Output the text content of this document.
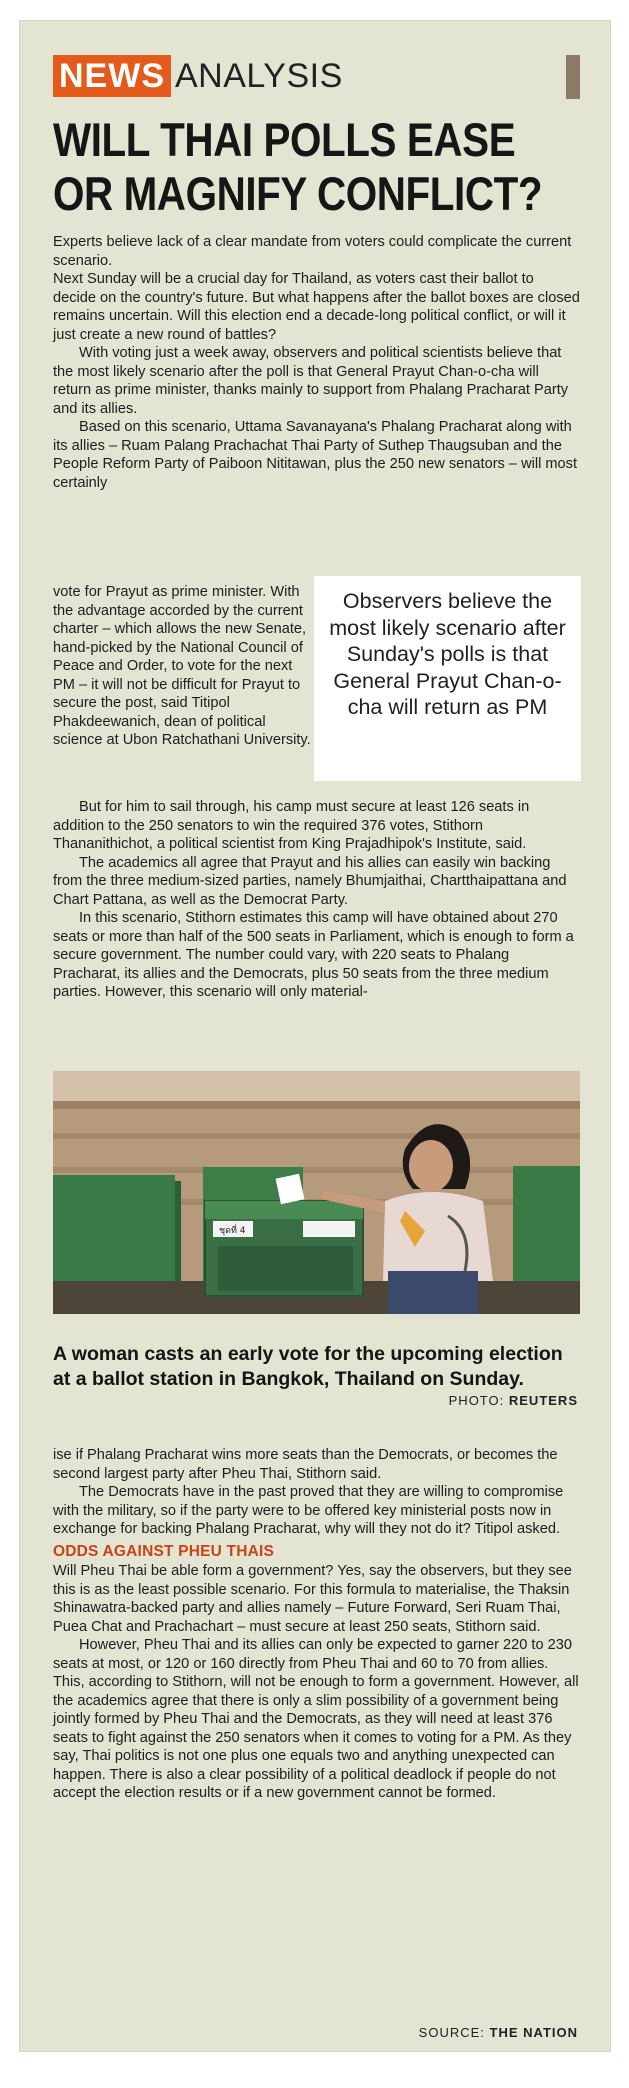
NEWS ANALYSIS
WILL THAI POLLS EASE
OR MAGNIFY CONFLICT?

Experts believe lack of a clear mandate from voters could complicate the current scenario.

Next Sunday will be a crucial day for Thailand, as voters cast their ballot to decide on the country's future. But what happens after the ballot boxes are closed remains uncertain. Will this election end a decade-long political conflict, or will it just create a new round of battles?

With voting just a week away, observers and political scientists believe that the most likely scenario after the poll is that General Prayut Chan-o-cha will return as prime minister, thanks mainly to support from Phalang Pracharat Party and its allies.

Based on this scenario, Uttama Savanayana's Phalang Pracharat along with its allies – Ruam Palang Prachachat Thai Party of Suthep Thaugsuban and the People Reform Party of Paiboon Nititawan, plus the 250 new senators – will most certainly

vote for Prayut as prime minister. With the advantage accorded by the current charter – which allows the new Senate, hand-picked by the National Council of Peace and Order, to vote for the next PM – it will not be difficult for Prayut to secure the post, said Titipol Phakdeewanich, dean of political science at Ubon Ratchathani University.

Observers believe the most likely scenario after Sunday's polls is that General Prayut Chan-o-cha will return as PM

But for him to sail through, his camp must secure at least 126 seats in addition to the 250 senators to win the required 376 votes, Stithorn Thananithichot, a political scientist from King Prajadhipok's Institute, said.

The academics all agree that Prayut and his allies can easily win backing from the three medium-sized parties, namely Bhumjaithai, Chartthaipattana and Chart Pattana, as well as the Democrat Party.

In this scenario, Stithorn estimates this camp will have obtained about 270 seats or more than half of the 500 seats in Parliament, which is enough to form a secure government. The number could vary, with 220 seats to Phalang Pracharat, its allies and the Democrats, plus 50 seats from the three medium parties. However, this scenario will only material-

ชุดที่ 4
A woman casts an early vote for the upcoming election at a ballot station in Bangkok, Thailand on Sunday.
PHOTO: REUTERS

ise if Phalang Pracharat wins more seats than the Democrats, or becomes the second largest party after Pheu Thai, Stithorn said.

The Democrats have in the past proved that they are willing to compromise with the military, so if the party were to be offered key ministerial posts now in exchange for backing Phalang Pracharat, why will they not do it? Titipol asked.

ODDS AGAINST PHEU THAIS

Will Pheu Thai be able form a government? Yes, say the observers, but they see this is as the least possible scenario. For this formula to materialise, the Thaksin Shinawatra-backed party and allies namely – Future Forward, Seri Ruam Thai, Puea Chat and Prachachart – must secure at least 250 seats, Stithorn said.

However, Pheu Thai and its allies can only be expected to garner 220 to 230 seats at most, or 120 or 160 directly from Pheu Thai and 60 to 70 from allies. This, according to Stithorn, will not be enough to form a government. However, all the academics agree that there is only a slim possibility of a government being jointly formed by Pheu Thai and the Democrats, as they will need at least 376 seats to fight against the 250 senators when it comes to voting for a PM. As they say, Thai politics is not one plus one equals two and anything unexpected can happen. There is also a clear possibility of a political deadlock if people do not accept the election results or if a new government cannot be formed.

SOURCE: THE NATION
